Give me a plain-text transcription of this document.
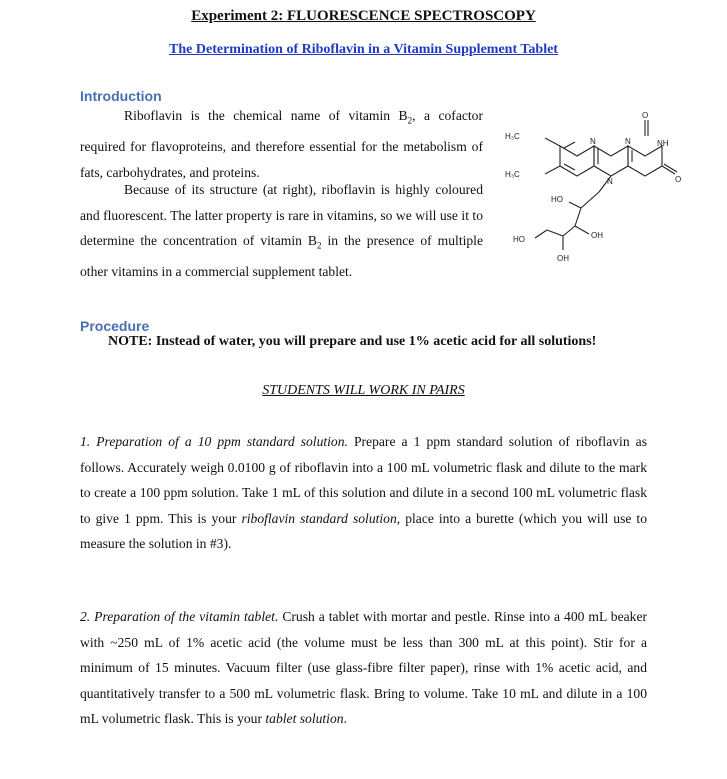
Experiment 2: FLUORESCENCE SPECTROSCOPY
The Determination of Riboflavin in a Vitamin Supplement Tablet
Introduction
Riboflavin is the chemical name of vitamin $B_2$, a cofactor required for flavoproteins, and therefore essential for the metabolism of fats, carbohydrates, and proteins.
Because of its structure (at right), riboflavin is highly coloured and fluorescent. The latter property is rare in vitamins, so we will use it to determine the concentration of vitamin $B_2$ in the presence of multiple other vitamins in a commercial supplement tablet.
H₃C
H₃C
N
N
N	NH
O
O
HO
HO	OH
OH
Procedure
NOTE: Instead of water, you will prepare and use 1% acetic acid for all solutions!
STUDENTS WILL WORK IN PAIRS
1. Preparation of a 10 ppm standard solution. Prepare a 1 ppm standard solution of riboflavin as follows. Accurately weigh 0.0100 g of riboflavin into a 100 mL volumetric flask and dilute to the mark to create a 100 ppm solution. Take 1 mL of this solution and dilute in a second 100 mL volumetric flask to give 1 ppm. This is your riboflavin standard solution, place into a burette (which you will use to measure the solution in #3).
2. Preparation of the vitamin tablet. Crush a tablet with mortar and pestle. Rinse into a 400 mL beaker with ~250 mL of 1% acetic acid (the volume must be less than 300 mL at this point). Stir for a minimum of 15 minutes. Vacuum filter (use glass-fibre filter paper), rinse with 1% acetic acid, and quantitatively transfer to a 500 mL volumetric flask. Bring to volume. Take 10 mL and dilute in a 100 mL volumetric flask. This is your tablet solution.
